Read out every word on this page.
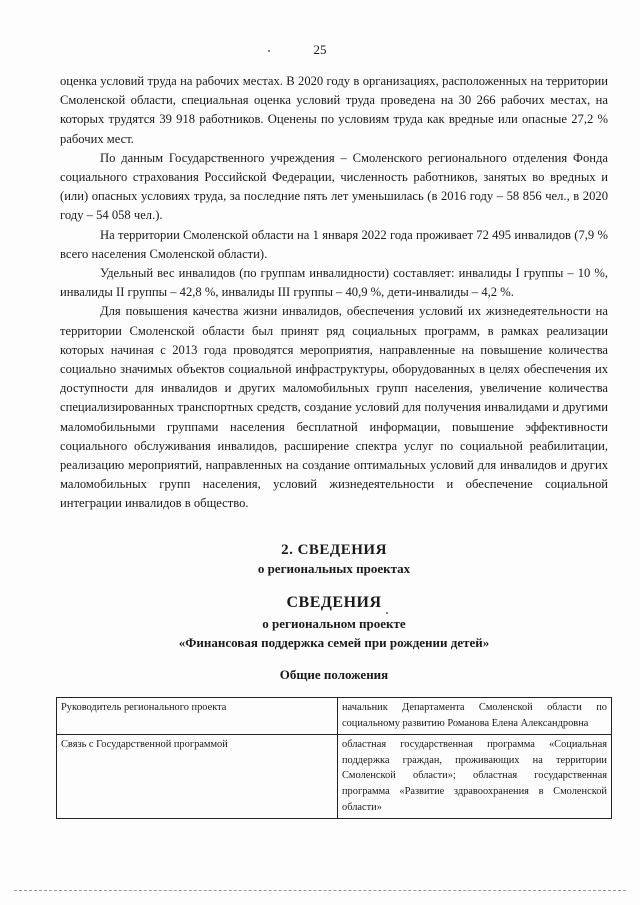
25

оценка условий труда на рабочих местах. В 2020 году в организациях, расположенных на территории Смоленской области, специальная оценка условий труда проведена на 30 266 рабочих местах, на которых трудятся 39 918 работников. Оценены по условиям труда как вредные или опасные 27,2 % рабочих мест.

По данным Государственного учреждения – Смоленского регионального отделения Фонда социального страхования Российской Федерации, численность работников, занятых во вредных и (или) опасных условиях труда, за последние пять лет уменьшилась (в 2016 году – 58 856 чел., в 2020 году – 54 058 чел.).

На территории Смоленской области на 1 января 2022 года проживает 72 495 инвалидов (7,9 % всего населения Смоленской области).

Удельный вес инвалидов (по группам инвалидности) составляет: инвалиды I группы – 10 %, инвалиды II группы – 42,8 %, инвалиды III группы – 40,9 %, дети-инвалиды – 4,2 %.

Для повышения качества жизни инвалидов, обеспечения условий их жизнедеятельности на территории Смоленской области был принят ряд социальных программ, в рамках реализации которых начиная с 2013 года проводятся мероприятия, направленные на повышение количества социально значимых объектов социальной инфраструктуры, оборудованных в целях обеспечения их доступности для инвалидов и других маломобильных групп населения, увеличение количества специализированных транспортных средств, создание условий для получения инвалидами и другими маломобильными группами населения бесплатной информации, повышение эффективности социального обслуживания инвалидов, расширение спектра услуг по социальной реабилитации, реализацию мероприятий, направленных на создание оптимальных условий для инвалидов и других маломобильных групп населения, условий жизнедеятельности и обеспечение социальной интеграции инвалидов в общество.

2. СВЕДЕНИЯ
о региональных проектах
СВЕДЕНИЯ
о региональном проекте
«Финансовая поддержка семей при рождении детей»
Общие положения
Руководитель регионального проекта	начальник Департамента Смоленской области по социальному развитию Романова Елена Александровна
Связь с Государственной программой	областная государственная программа «Социальная поддержка граждан, проживающих на территории Смоленской области»; областная государственная программа «Развитие здравоохранения в Смоленской области»
